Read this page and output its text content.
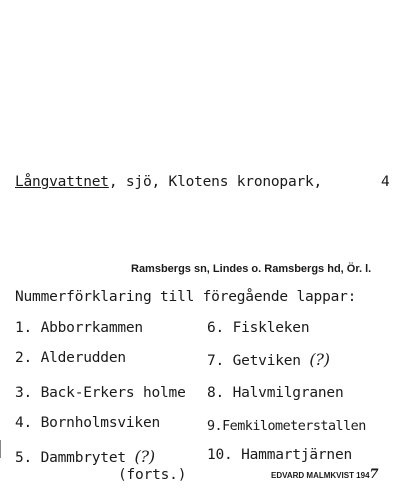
Långvattnet, sjö, Klotens kronopark,	4
Ramsbergs sn, Lindes o. Ramsbergs hd, Ör. l.
Nummerförklaring till föregående lappar:
1. Abborrkammen
2. Alderudden
3. Back-Erkers holme
4. Bornholmsviken
5. Dammbrytet (?)
(forts.)
6. Fiskleken
7. Getviken (?)
8. Halvmilgranen
9.Femkilometerstallen
10. Hammartjärnen
EDVARD MALMKVIST 1947
